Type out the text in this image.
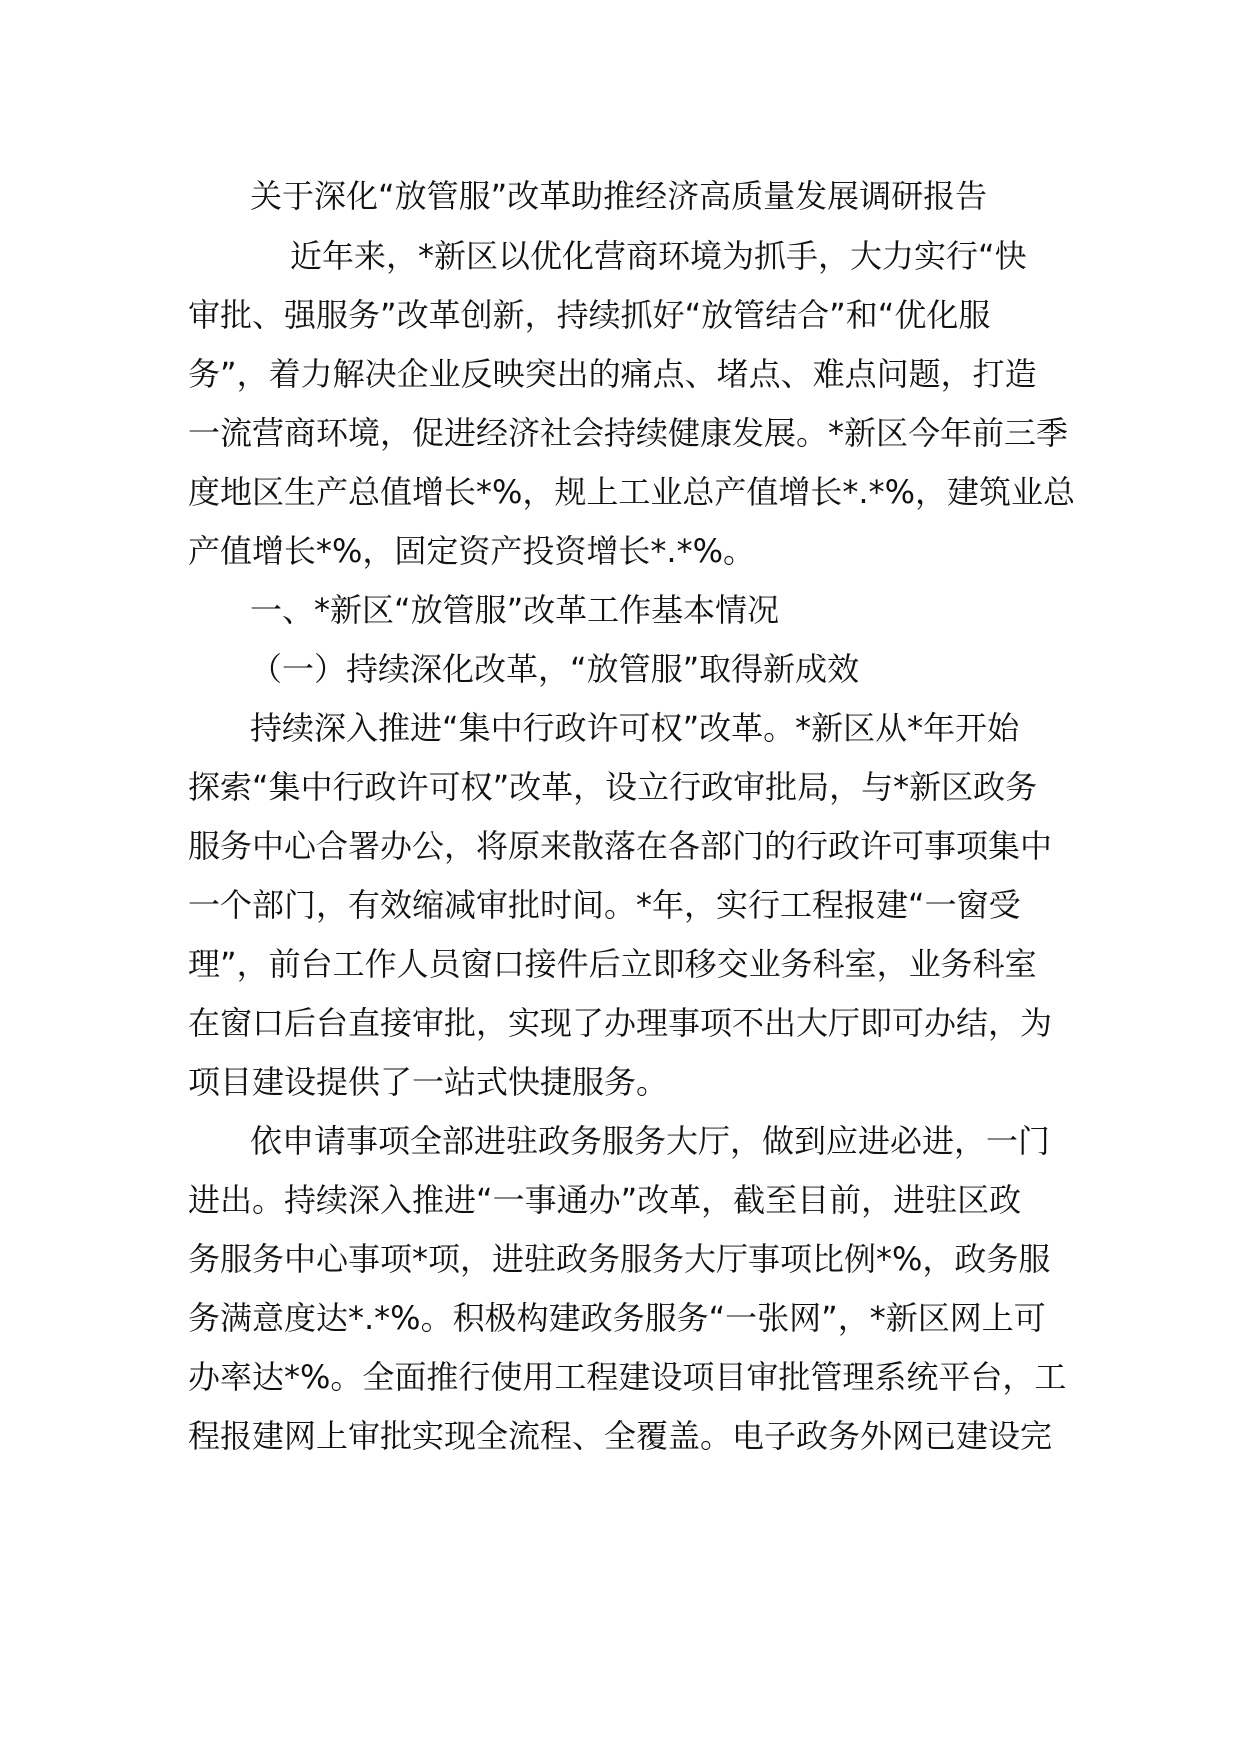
关于深化“放管服”改革助推经济高质量发展调研报告
近年来，*新区以优化营商环境为抓手，大力实行“快
审批、强服务”改革创新，持续抓好“放管结合”和“优化服
务”，着力解决企业反映突出的痛点、堵点、难点问题，打造
一流营商环境，促进经济社会持续健康发展。*新区今年前三季
度地区生产总值增长*%，规上工业总产值增长*.*%，建筑业总
产值增长*%，固定资产投资增长*.*%。
一、*新区“放管服”改革工作基本情况
（一）持续深化改革，“放管服”取得新成效
持续深入推进“集中行政许可权”改革。*新区从*年开始
探索“集中行政许可权”改革，设立行政审批局，与*新区政务
服务中心合署办公，将原来散落在各部门的行政许可事项集中
一个部门，有效缩减审批时间。*年，实行工程报建“一窗受
理”，前台工作人员窗口接件后立即移交业务科室，业务科室
在窗口后台直接审批，实现了办理事项不出大厅即可办结，为
项目建设提供了一站式快捷服务。
依申请事项全部进驻政务服务大厅，做到应进必进，一门
进出。持续深入推进“一事通办”改革，截至目前，进驻区政
务服务中心事项*项，进驻政务服务大厅事项比例*%，政务服
务满意度达*.*%。积极构建政务服务“一张网”，*新区网上可
办率达*%。全面推行使用工程建设项目审批管理系统平台，工
程报建网上审批实现全流程、全覆盖。电子政务外网已建设完
